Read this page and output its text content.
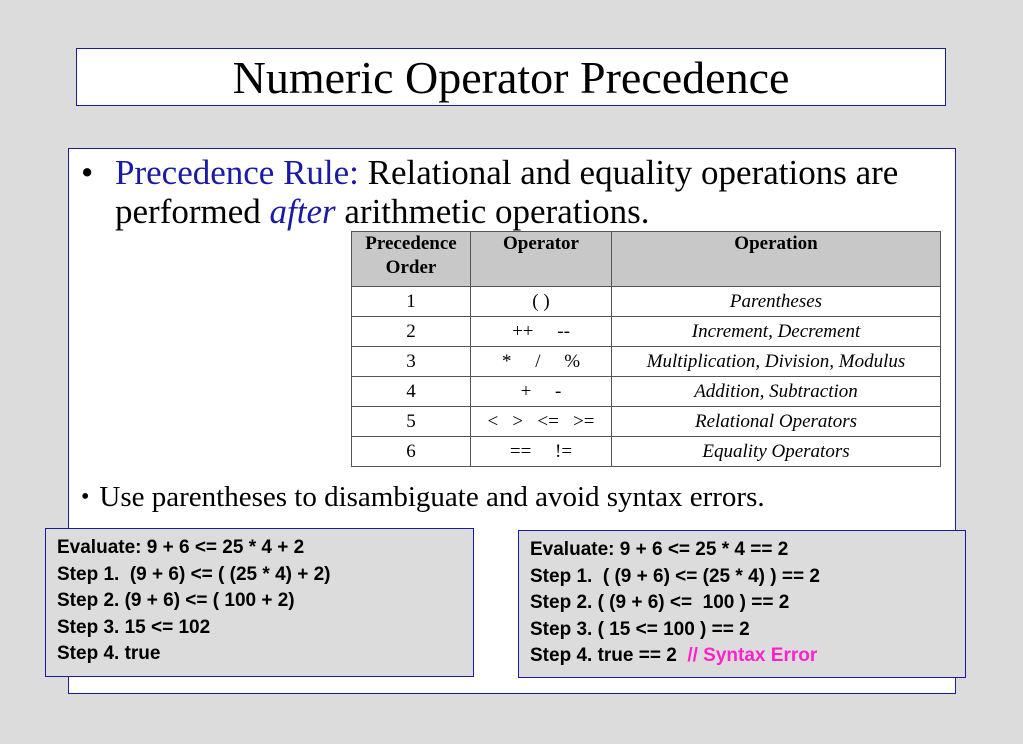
Numeric Operator Precedence
• Precedence Rule: Relational and equality operations are performed after arithmetic operations.
Precedence
Order	Operator	Operation
1	( )	Parentheses
2	++     --	Increment, Decrement
3	*     /     %	Multiplication, Division, Modulus
4	+     -	Addition, Subtraction
5	<   >   <=   >=	Relational Operators
6	==     !=	Equality Operators
• Use parentheses to disambiguate and avoid syntax errors.
Evaluate: 9 + 6 <= 25 * 4 + 2
Step 1.  (9 + 6) <= ( (25 * 4) + 2)
Step 2. (9 + 6) <= ( 100 + 2)
Step 3. 15 <= 102
Step 4. true
Evaluate: 9 + 6 <= 25 * 4 == 2
Step 1.  ( (9 + 6) <= (25 * 4) ) == 2
Step 2. ( (9 + 6) <=  100 ) == 2
Step 3. ( 15 <= 100 ) == 2
Step 4. true == 2  // Syntax Error
